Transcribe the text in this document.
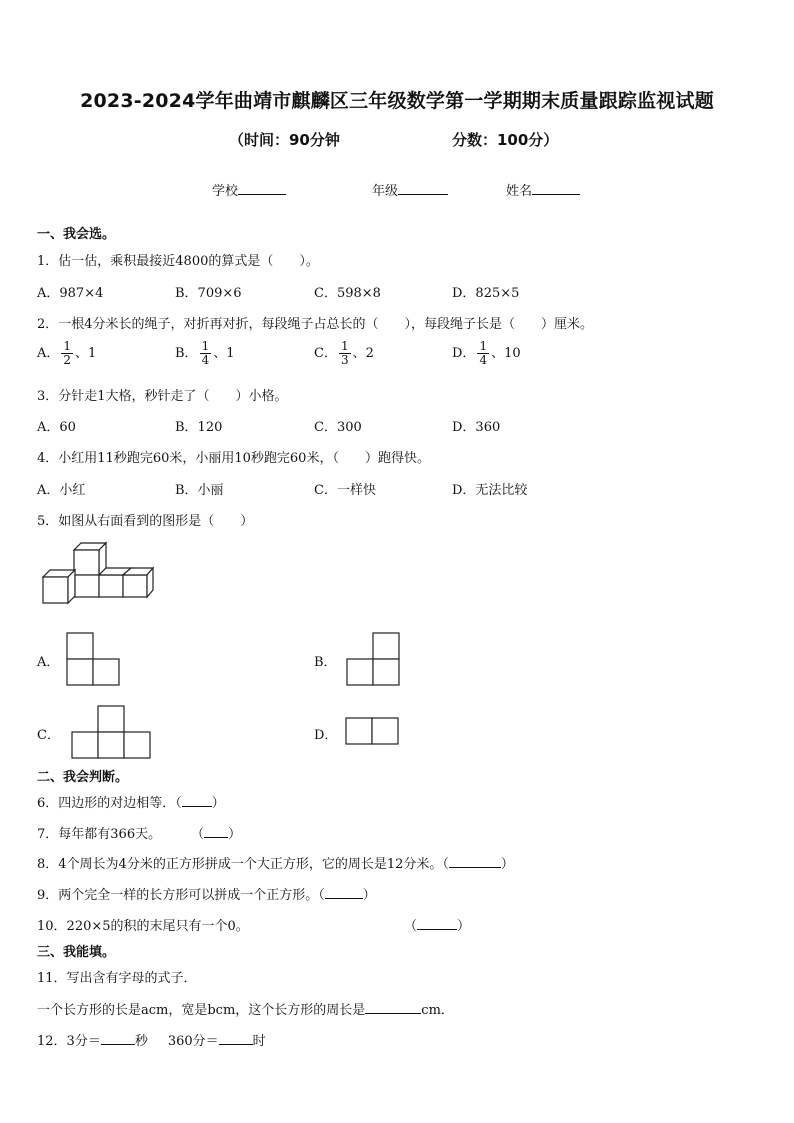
2023-2024学年曲靖市麒麟区三年级数学第一学期期末质量跟踪监视试题
（时间：90分钟	分数：100分）
学校	年级	姓名
一、我会选。
1．估一估，乘积最接近4800的算式是（　　）。
A．987×4	B．709×6	C．598×8	D．825×5
2．一根4分米长的绳子，对折再对折，每段绳子占总长的（　　），每段绳子长是（　　）厘米。
A． $\frac{1}{2}$ 、1	B． $\frac{1}{4}$ 、1	C． $\frac{1}{3}$ 、2	D． $\frac{1}{4}$ 、10
3．分针走1大格，秒针走了（　　）小格。
A．60	B．120	C．300	D．360
4．小红用11秒跑完60米，小丽用10秒跑完60米，（　　）跑得快。
A．小红	B．小丽	C．一样快	D．无法比较
5．如图从右面看到的图形是（　　）
A．	B．
C．	D．
二、我会判断。
6．四边形的对边相等．（ ）
7．每年都有366天。 （ ）
8．4个周长为4分米的正方形拼成一个大正方形，它的周长是12分米。（	）
9．两个完全一样的长方形可以拼成一个正方形。（	）
10．220×5的积的末尾只有一个0。	（	）
三、我能填。
11．写出含有字母的式子．
一个长方形的长是acm，宽是bcm，这个长方形的周长是	cm．
12．3分＝	秒 360分＝	时
